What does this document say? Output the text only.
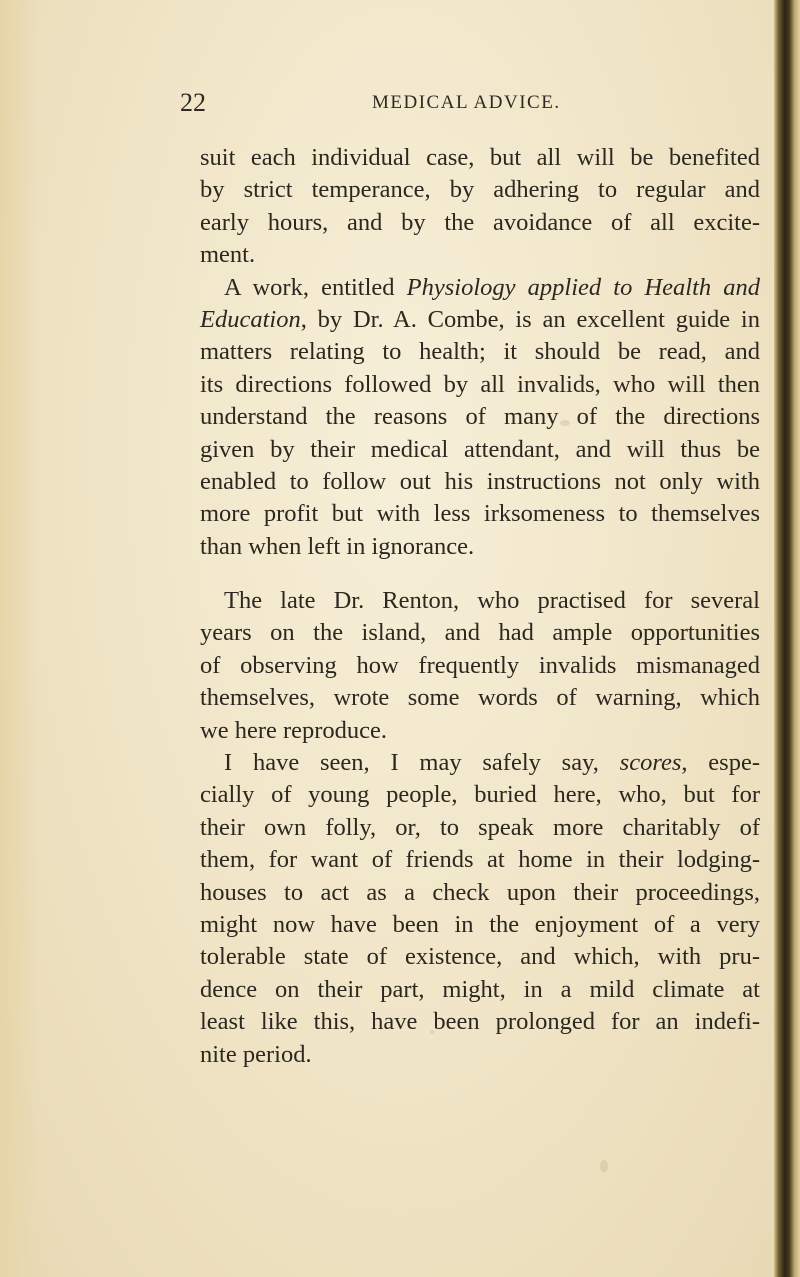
22	MEDICAL ADVICE.
suit each individual case, but all will be benefited
by strict temperance, by adhering to regular and
early hours, and by the avoidance of all excite-
ment.
A work, entitled Physiology applied to Health and
Education, by Dr. A. Combe, is an excellent guide in
matters relating to health; it should be read, and
its directions followed by all invalids, who will then
understand the reasons of many of the directions
given by their medical attendant, and will thus be
enabled to follow out his instructions not only with
more profit but with less irksomeness to themselves
than when left in ignorance.
The late Dr. Renton, who practised for several
years on the island, and had ample opportunities
of observing how frequently invalids mismanaged
themselves, wrote some words of warning, which
we here reproduce.
I have seen, I may safely say, scores, espe-
cially of young people, buried here, who, but for
their own folly, or, to speak more charitably of
them, for want of friends at home in their lodging-
houses to act as a check upon their proceedings,
might now have been in the enjoyment of a very
tolerable state of existence, and which, with pru-
dence on their part, might, in a mild climate at
least like this, have been prolonged for an indefi-
nite period.
